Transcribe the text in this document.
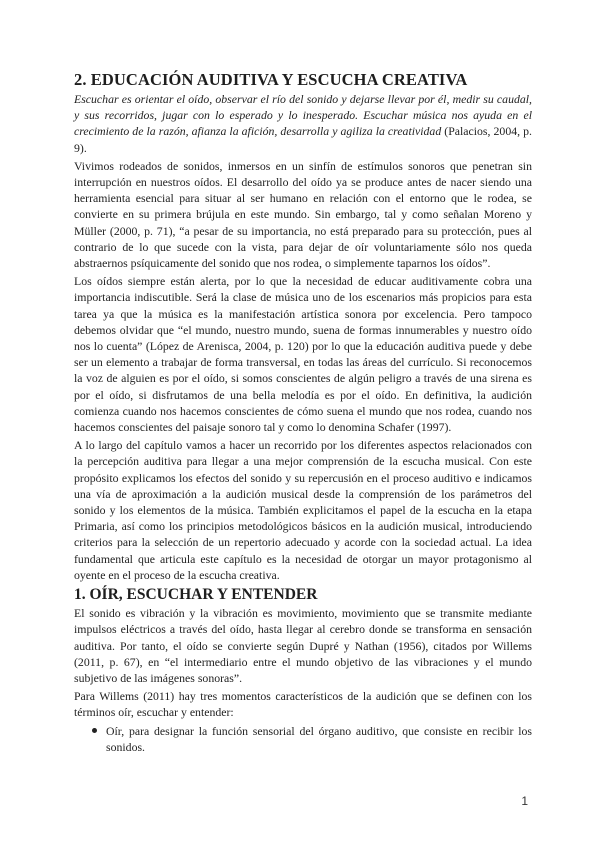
2. EDUCACIÓN AUDITIVA Y ESCUCHA CREATIVA

Escuchar es orientar el oído, observar el río del sonido y dejarse llevar por él, medir su caudal, y sus recorridos, jugar con lo esperado y lo inesperado. Escuchar música nos ayuda en el crecimiento de la razón, afianza la afición, desarrolla y agiliza la creatividad (Palacios, 2004, p. 9).

Vivimos rodeados de sonidos, inmersos en un sinfín de estímulos sonoros que penetran sin interrupción en nuestros oídos. El desarrollo del oído ya se produce antes de nacer siendo una herramienta esencial para situar al ser humano en relación con el entorno que le rodea, se convierte en su primera brújula en este mundo. Sin embargo, tal y como señalan Moreno y Müller (2000, p. 71), “a pesar de su importancia, no está preparado para su protección, pues al contrario de lo que sucede con la vista, para dejar de oír voluntariamente sólo nos queda abstraernos psíquicamente del sonido que nos rodea, o simplemente taparnos los oídos”.

Los oídos siempre están alerta, por lo que la necesidad de educar auditivamente cobra una importancia indiscutible. Será la clase de música uno de los escenarios más propicios para esta tarea ya que la música es la manifestación artística sonora por excelencia. Pero tampoco debemos olvidar que “el mundo, nuestro mundo, suena de formas innumerables y nuestro oído nos lo cuenta” (López de Arenisca, 2004, p. 120) por lo que la educación auditiva puede y debe ser un elemento a trabajar de forma transversal, en todas las áreas del currículo. Si reconocemos la voz de alguien es por el oído, si somos conscientes de algún peligro a través de una sirena es por el oído, si disfrutamos de una bella melodía es por el oído. En definitiva, la audición comienza cuando nos hacemos conscientes de cómo suena el mundo que nos rodea, cuando nos hacemos conscientes del paisaje sonoro tal y como lo denomina Schafer (1997).

A lo largo del capítulo vamos a hacer un recorrido por los diferentes aspectos relacionados con la percepción auditiva para llegar a una mejor comprensión de la escucha musical. Con este propósito explicamos los efectos del sonido y su repercusión en el proceso auditivo e indicamos una vía de aproximación a la audición musical desde la comprensión de los parámetros del sonido y los elementos de la música. También explicitamos el papel de la escucha en la etapa Primaria, así como los principios metodológicos básicos en la audición musical, introduciendo criterios para la selección de un repertorio adecuado y acorde con la sociedad actual. La idea fundamental que articula este capítulo es la necesidad de otorgar un mayor protagonismo al oyente en el proceso de la escucha creativa.

1. OÍR, ESCUCHAR Y ENTENDER

El sonido es vibración y la vibración es movimiento, movimiento que se transmite mediante impulsos eléctricos a través del oído, hasta llegar al cerebro donde se transforma en sensación auditiva. Por tanto, el oído se convierte según Dupré y Nathan (1956), citados por Willems (2011, p. 67), en “el intermediario entre el mundo objetivo de las vibraciones y el mundo subjetivo de las imágenes sonoras”.

Para Willems (2011) hay tres momentos característicos de la audición que se definen con los términos oír, escuchar y entender:

Oír, para designar la función sensorial del órgano auditivo, que consiste en recibir los sonidos.
1
